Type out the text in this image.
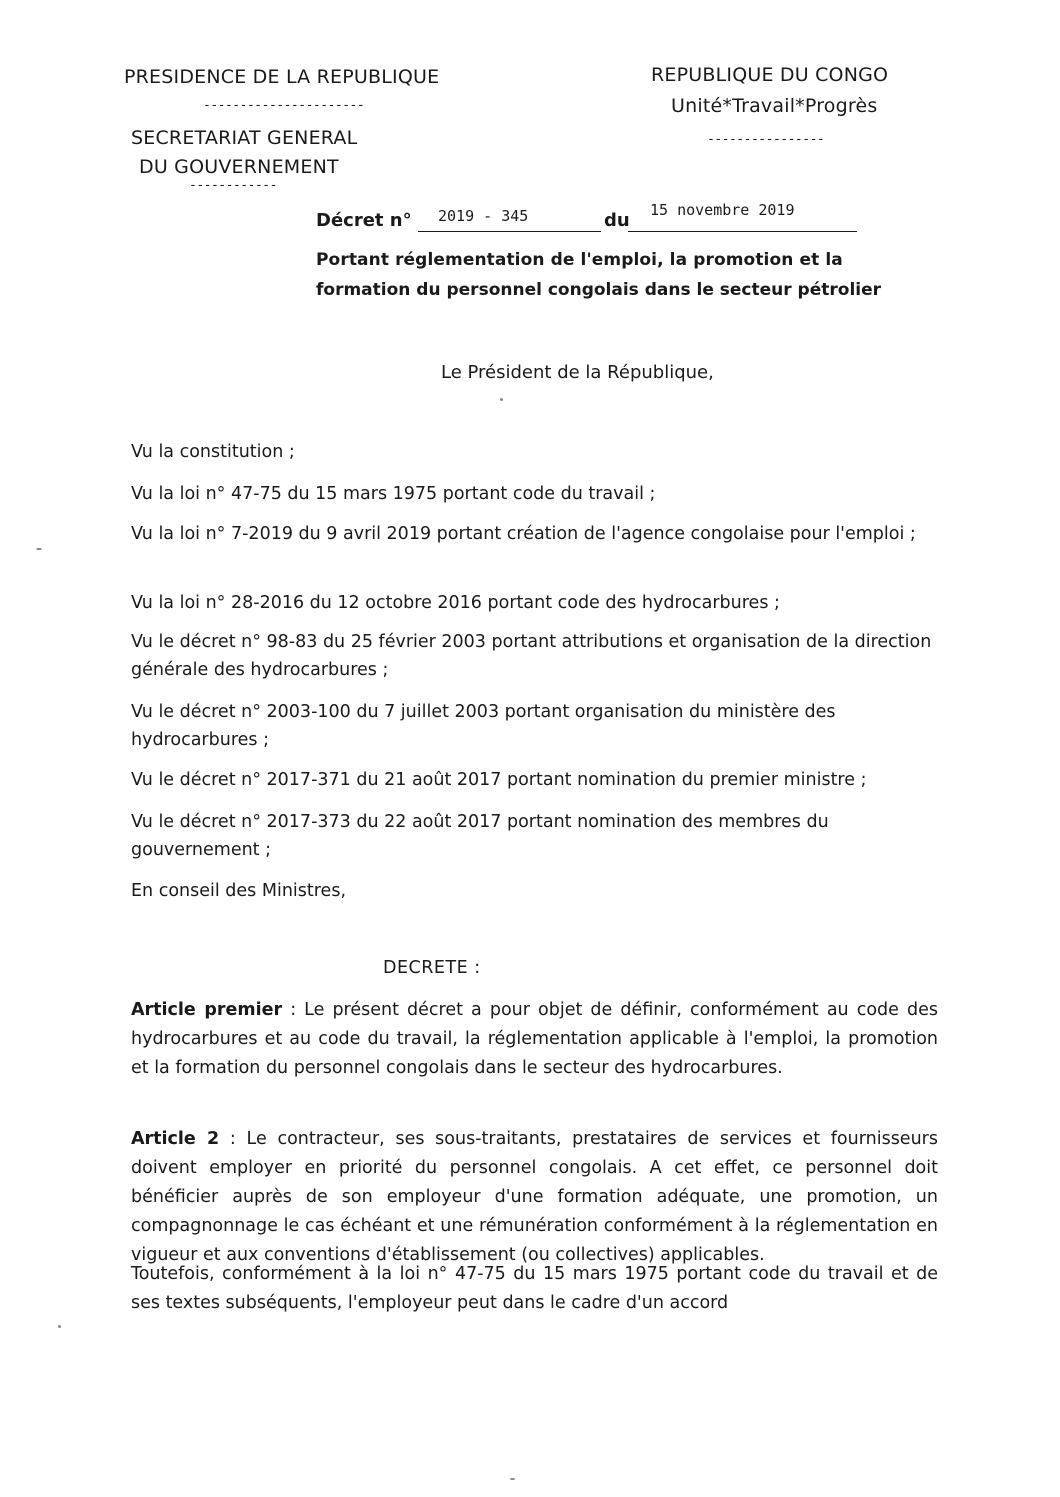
PRESIDENCE DE LA REPUBLIQUE
----------------------
SECRETARIAT GENERAL
DU GOUVERNEMENT
------------
REPUBLIQUE DU CONGO
Unité*Travail*Progrès
----------------
Décret n° 2019 - 345	du 15 novembre 2019
Portant réglementation de l'emploi, la promotion et la
formation du personnel congolais dans le secteur pétrolier
Le Président de la République,
Vu la constitution ;
Vu la loi n° 47-75 du 15 mars 1975 portant code du travail ;
Vu la loi n° 7-2019 du 9 avril 2019 portant création de l'agence congolaise pour l'emploi ;
Vu la loi n° 28-2016 du 12 octobre 2016 portant code des hydrocarbures ;
Vu le décret n° 98-83 du 25 février 2003 portant attributions et organisation de la direction générale des hydrocarbures ;
Vu le décret n° 2003-100 du 7 juillet 2003 portant organisation du ministère des hydrocarbures ;
Vu le décret n° 2017-371 du 21 août 2017 portant nomination du premier ministre ;
Vu le décret n° 2017-373 du 22 août 2017 portant nomination des membres du gouvernement ;
En conseil des Ministres,
DECRETE :
Article premier : Le présent décret a pour objet de définir, conformément au code des hydrocarbures et au code du travail, la réglementation applicable à l'emploi, la promotion et la formation du personnel congolais dans le secteur des hydrocarbures.
Article 2 : Le contracteur, ses sous-traitants, prestataires de services et fournisseurs doivent employer en priorité du personnel congolais. A cet effet, ce personnel doit bénéficier auprès de son employeur d'une formation adéquate, une promotion, un compagnonnage le cas échéant et une rémunération conformément à la réglementation en vigueur et aux conventions d'établissement (ou collectives) applicables.
Toutefois, conformément à la loi n° 47-75 du 15 mars 1975 portant code du travail et de ses textes subséquents, l'employeur peut dans le cadre d'un accord
